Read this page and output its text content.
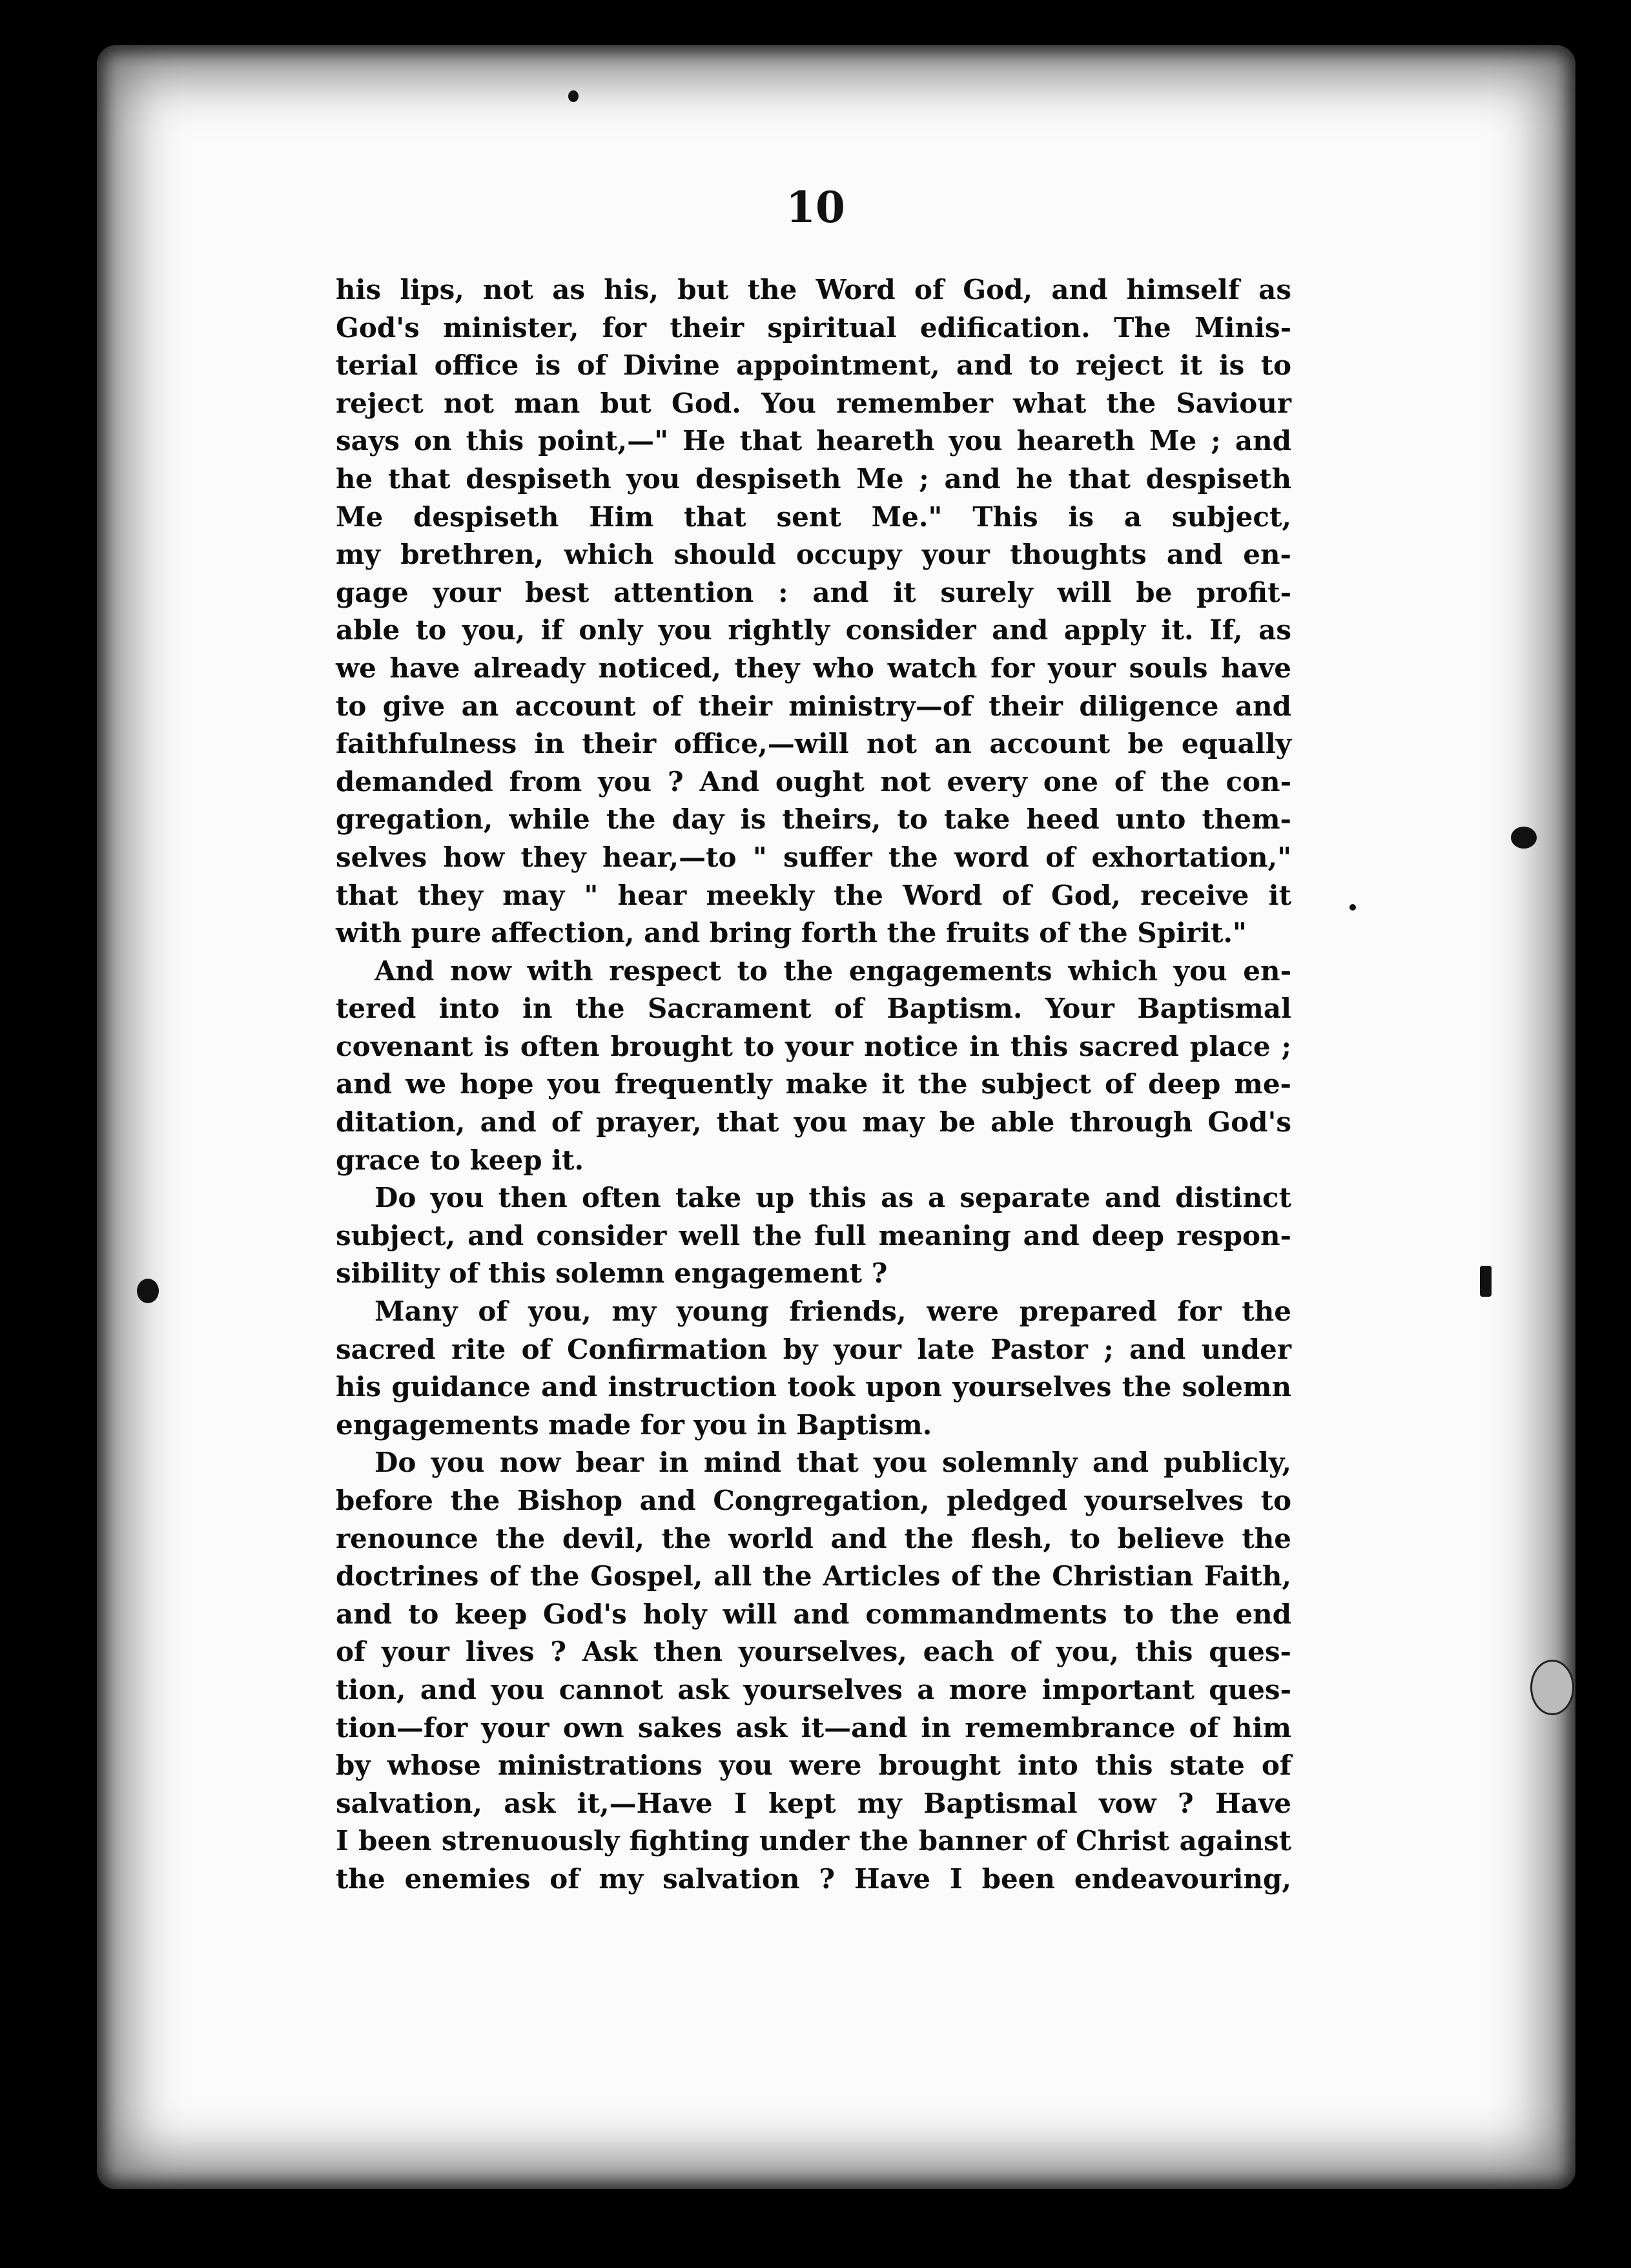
10
his lips, not as his, but the Word of God, and himself as
God's minister, for their spiritual edification. The Minis-
terial office is of Divine appointment, and to reject it is to
reject not man but God. You remember what the Saviour
says on this point,—" He that heareth you heareth Me ; and
he that despiseth you despiseth Me ; and he that despiseth
Me despiseth Him that sent Me." This is a subject,
my brethren, which should occupy your thoughts and en-
gage your best attention : and it surely will be profit-
able to you, if only you rightly consider and apply it. If, as
we have already noticed, they who watch for your souls have
to give an account of their ministry—of their diligence and
faithfulness in their office,—will not an account be equally
demanded from you ? And ought not every one of the con-
gregation, while the day is theirs, to take heed unto them-
selves how they hear,—to " suffer the word of exhortation,"
that they may " hear meekly the Word of God, receive it
with pure affection, and bring forth the fruits of the Spirit."
And now with respect to the engagements which you en-
tered into in the Sacrament of Baptism. Your Baptismal
covenant is often brought to your notice in this sacred place ;
and we hope you frequently make it the subject of deep me-
ditation, and of prayer, that you may be able through God's
grace to keep it.
Do you then often take up this as a separate and distinct
subject, and consider well the full meaning and deep respon-
sibility of this solemn engagement ?
Many of you, my young friends, were prepared for the
sacred rite of Confirmation by your late Pastor ; and under
his guidance and instruction took upon yourselves the solemn
engagements made for you in Baptism.
Do you now bear in mind that you solemnly and publicly,
before the Bishop and Congregation, pledged yourselves to
renounce the devil, the world and the flesh, to believe the
doctrines of the Gospel, all the Articles of the Christian Faith,
and to keep God's holy will and commandments to the end
of your lives ? Ask then yourselves, each of you, this ques-
tion, and you cannot ask yourselves a more important ques-
tion—for your own sakes ask it—and in remembrance of him
by whose ministrations you were brought into this state of
salvation, ask it,—Have I kept my Baptismal vow ? Have
I been strenuously fighting under the banner of Christ against
the enemies of my salvation ? Have I been endeavouring,
